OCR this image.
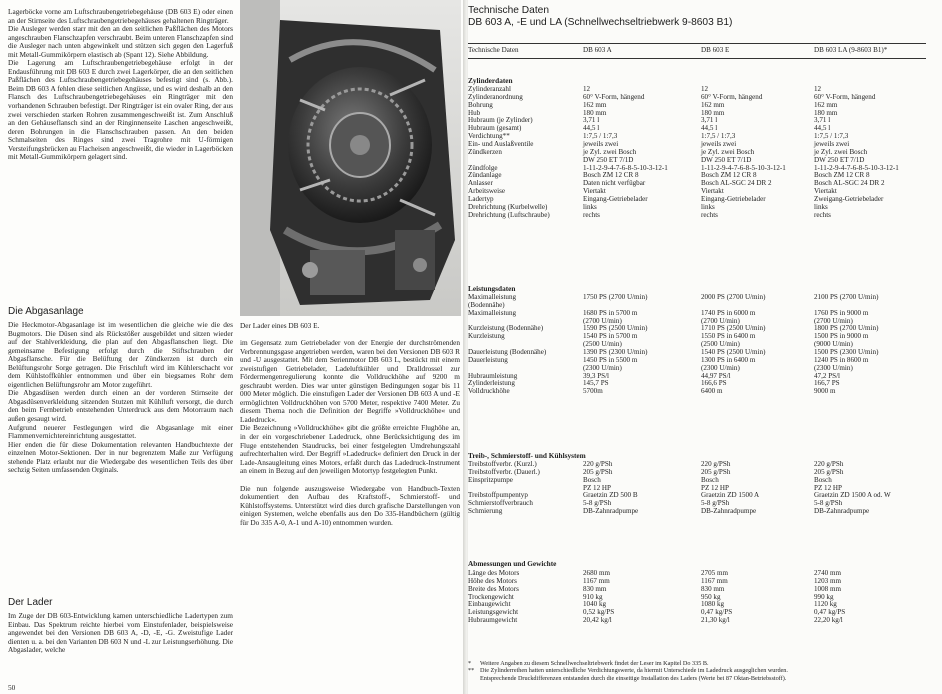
Lagerböcke vorne am Luftschraubengetriebegehäuse (DB 603 E) oder einen an der Stirnseite des Luftschraubengetriebegehäuses gehaltenen Ringträger.

Die Ausleger werden starr mit den an den seitlichen Paßflächen des Motors angeschrauben Flanschzapfen verschraubt. Beim unteren Flanschzapfen sind die Ausleger nach unten abgewinkelt und stützen sich gegen den Lagerfuß mit Metall-Gummikörpern elastisch ab (Spant 12). Siehe Abbildung.

Die Lagerung am Luftschraubengetriebegehäuse erfolgt in der Endausführung mit DB 603 E durch zwei Lagerkörper, die an den seitlichen Paßflächen des Luftschraubengetriebegehäuses befestigt sind (s. Abb.). Beim DB 603 A fehlen diese seitlichen Angüsse, und es wird deshalb an den Flansch des Luftschraubengetriebegehäuses ein Ringträger mit den vorhandenen Schrauben befestigt. Der Ringträger ist ein ovaler Ring, der aus zwei verschieden starken Rohren zusammengeschweißt ist. Zum Anschluß an den Gehäuseflansch sind an der Ringinnenseite Laschen angeschweißt, deren Bohrungen in die Flanschschrauben passen. An den beiden Schmalseiten des Ringes sind zwei Tragrohre mit U-förmigen Versteifungsbrücken au Flacheisen angeschweißt, die wieder in Lagerböcken mit Metall-Gummikörpern gelagert sind.

Die Abgasanlage

Die Heckmotor-Abgasanlage ist im wesentlichen die gleiche wie die des Bugmotors. Die Düsen sind als Rückstößer ausgebildet und sitzen wieder auf der Stahlverkleidung, die plan auf den Abgasflanschen liegt. Die gemeinsame Befestigung erfolgt durch die Stiftschrauben der Abgasflansche. Für die Belüftung der Zündkerzen ist durch ein Belüftungsrohr Sorge getragen. Die Frischluft wird im Kühlerschacht vor dem Kühlstoffkühler entnommen und über ein biegsames Rohr dem eigentlichen Belüftungsrohr am Motor zugeführt.

Die Abgasdüsen werden durch einen an der vorderen Stirnseite der Abgasdüsenverkleidung sitzenden Stutzen mit Kühlluft versorgt, die durch den beim Fernbetrieb entstehenden Unterdruck aus dem Motorraum nach außen gesaugt wird.

Aufgrund neuerer Festlegungen wird die Abgasanlage mit einer Flammenvernichtereinrichtung ausgestattet.

Hier enden die für diese Dokumentation relevanten Handbuchtexte der einzelnen Motor-Sektionen. Der in nur begrenztem Maße zur Verfügung stehende Platz erlaubt nur die Wiedergabe des wesentlichen Teils des über sechzig Seiten umfassenden Orginals.

Der Lader

Im Zuge der DB 603-Entwicklung kamen unterschiedliche Ladertypen zum Einbau. Das Spektrum reichte hierbei vom Einstufenlader, beispielsweise angewendet bei den Versionen DB 603 A, -D, -E, -G. Zweistufige Lader dienten u. a. bei den Varianten DB 603 N und -L zur Leistungserhöhung. Die Abgaslader, welche

Der Lader eines DB 603 E.

im Gegensatz zum Getriebelader von der Energie der durchströmenden Verbrennungsgase angetrieben werden, waren bei den Versionen DB 603 R und -U ausgestattet. Mit dem Serienmotor DB 603 L, bestückt mit einem zweistufigen Getriebelader, Ladeluftkühler und Dralldrossel zur Fördermengenregulierung konnte die Volldruckhöhe auf 9200 m geschraubt werden. Dies war unter günstigen Bedingungen sogar bis 11 000 Meter möglich. Die einstufigen Lader der Versionen DB 603 A und -E ermöglichten Volldruckhöhen von 5700 Meter, respektive 7400 Meter. Zu diesem Thema noch die Definition der Begriffe »Volldruckhöhe« und Ladedruck«.

Die Bezeichnung »Volldruckhöhe« gibt die größte erreichte Flughöhe an, in der ein vorgeschriebener Ladedruck, ohne Berücksichtigung des im Fluge entstehenden Staudrucks, bei einer festgelegten Umdrehungszahl aufrechterhalten wird. Der Begriff »Ladedruck« definiert den Druck in der Lade-Ansaugleitung eines Motors, erfaßt durch das Ladedruck-Instrument an einem in Bezug auf den jeweiligen Motortyp festgelegten Punkt.

Die nun folgende auszugsweise Wiedergabe von Handbuch-Texten dokumentiert den Aufbau des Kraftstoff-, Schmierstoff- und Kühlstoffsystems. Unterstützt wird dies durch grafische Darstellungen von einigen Systemen, welche ebenfalls aus den Do 335-Handbüchern (gültig für Do 335 A-0, A-1 und A-10) entnommen wurden.

50
Technische Daten
DB 603 A, -E und LA (Schnellwechseltriebwerk 9-8603 B1)
Technische Daten	DB 603 A	DB 603 E	DB 603 LA (9-8603 B1)*
Zylinderdaten
Zylinderanzahl	12	12	12
Zylinderanordnung	60° V-Form, hängend	60° V-Form, hängend	60° V-Form, hängend
Bohrung	162 mm	162 mm	162 mm
Hub	180 mm	180 mm	180 mm
Hubraum (je Zylinder)	3,71 l	3,71 l	3,71 l
Hubraum (gesamt)	44,5 l	44,5 l	44,5 l
Verdichtung**	1:7,5 / 1:7,3	1:7,5 / 1:7,3	1:7,5 / 1:7,3
Ein- und Auslaßventile	jeweils zwei	jeweils zwei	jeweils zwei
Zündkerzen	je Zyl. zwei Bosch	je Zyl. zwei Bosch	je Zyl. zwei Bosch
DW 250 ET 7/1D	DW 250 ET 7/1D	DW 250 ET 7/1D
Zündfolge	1-11-2-9-4-7-6-8-5-10-3-12-1	1-11-2-9-4-7-6-8-5-10-3-12-1	1-11-2-9-4-7-6-8-5-10-3-12-1
Zündanlage	Bosch ZM 12 CR 8	Bosch ZM 12 CR 8	Bosch ZM 12 CR 8
Anlasser	Daten nicht verfügbar	Bosch AL-SGC 24 DR 2	Bosch AL-SGC 24 DR 2
Arbeitsweise	Viertakt	Viertakt	Viertakt
Ladertyp	Eingang-Getriebelader	Eingang-Getriebelader	Zweigang-Getriebelader
Drehrichtung (Kurbelwelle)	links	links	links
Drehrichtung (Luftschraube)	rechts	rechts	rechts
Leistungsdaten
Maximalleistung	1750 PS (2700 U/min)	2000 PS (2700 U/min)	2100 PS (2700 U/min)
(Bodennähe)
Maximalleistung	1680 PS in 5700 m	1740 PS in 6000 m	1760 PS in 9000 m
(2700 U/min)	(2700 U/min)	(2700 U/min)
Kurzleistung (Bodennähe)	1590 PS (2500 U/min)	1710 PS (2500 U/min)	1800 PS (2700 U/min)
Kurzleistung	1540 PS in 5700 m	1550 PS in 6400 m	1500 PS in 9000 m
(2500 U/min)	(2500 U/min)	(9000 U/min)
Dauerleistung (Bodennähe)	1390 PS (2300 U/min)	1540 PS (2500 U/min)	1500 PS (2300 U/min)
Dauerleistung	1450 PS in 5500 m	1300 PS in 6400 m	1240 PS in 8600 m
(2300 U/min)	(2300 U/min)	(2300 U/min)
Hubraumleistung	39,3 PS/l	44,97 PS/l	47,2 PS/l
Zylinderleistung	145,7 PS	166,6 PS	166,7 PS
Volldruckhöhe	5700m	6400 m	9000 m
Treib-, Schmierstoff- und Kühlsystem
Treibstoffverbr. (Kurzl.)	220 g/PSh	220 g/PSh	220 g/PSh
Treibstoffverbr. (Dauerl.)	205 g/PSh	205 g/PSh	205 g/PSh
Einspritzpumpe	Bosch	Bosch	Bosch
PZ 12 HP	PZ 12 HP	PZ 12 HP
Treibstoffpumpentyp	Graetzin ZD 500 B	Graetzin ZD 1500 A	Graetzin ZD 1500 A od. W
Schmierstoffverbrauch	5-8 g/PSh	5-8 g/PSh	5-8 g/PSh
Schmierung	DB-Zahnradpumpe	DB-Zahnradpumpe	DB-Zahnradpumpe
Abmessungen und Gewichte
Länge des Motors	2680 mm	2705 mm	2740 mm
Höhe des Motors	1167 mm	1167 mm	1203 mm
Breite des Motors	830 mm	830 mm	1008 mm
Trockengewicht	910 kg	950 kg	990 kg
Einbaugewicht	1040 kg	1080 kg	1120 kg
Leistungsgewicht	0,52 kg/PS	0,47 kg/PS	0,47 kg/PS
Hubraumgewicht	20,42 kg/l	21,30 kg/l	22,20 kg/l
* Weitere Angaben zu diesem Schnellwechseltriebwerk findet der Leser im Kapitel Do 335 B.
** Die Zylinderreihen hatten unterschiedliche Verdichtungswerte, da hiermit Unterschiede im Ladedruck ausgeglichen wurden.
Entsprechende Druckdifferenzen entstanden durch die einseitige Installation des Laders (Werte bei 87 Oktan-Betriebsstoff).
